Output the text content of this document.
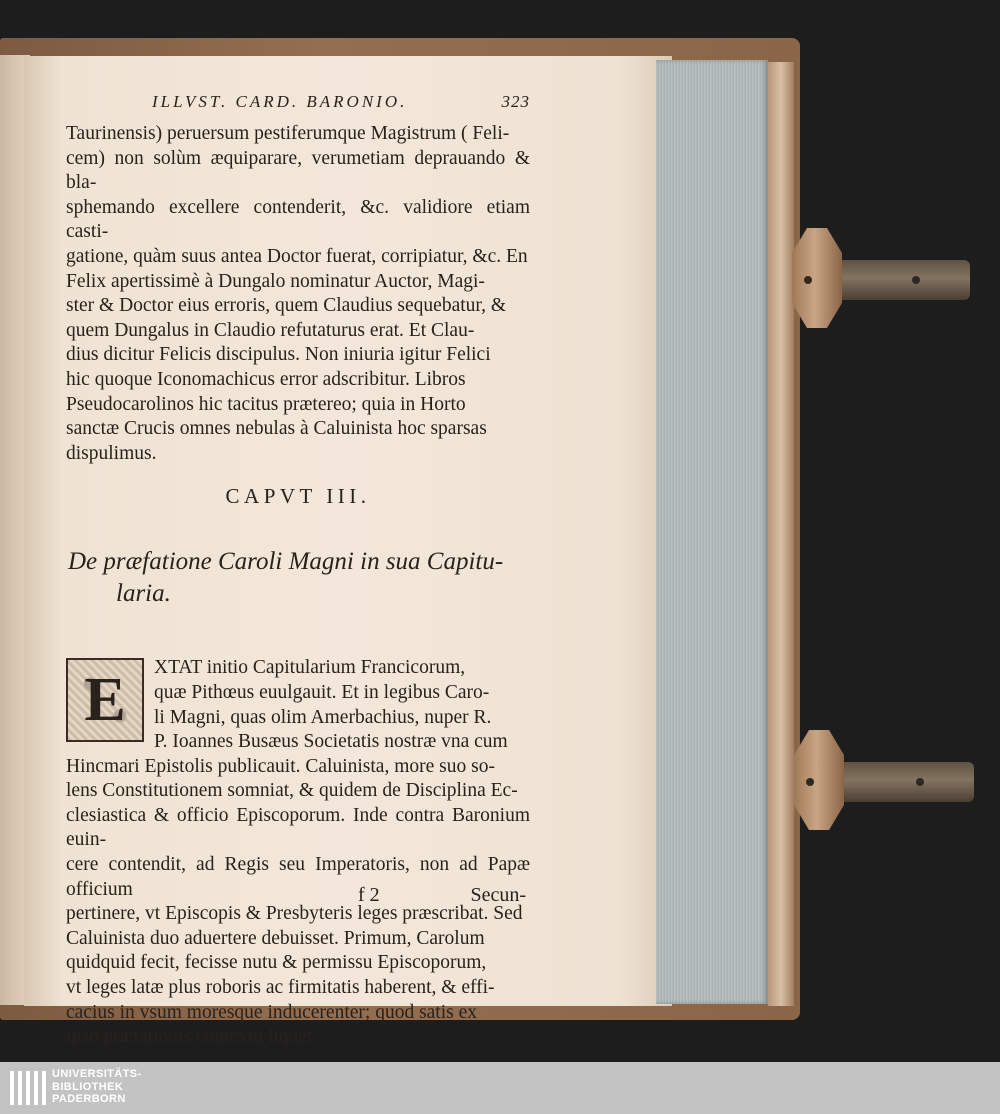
ILLVST. CARD. BARONIO.	323

Taurinensis) peruersum pestiferumque Magistrum ( Feli-
cem) non solùm æquiparare, verumetiam deprauando & bla-
sphemando excellere contenderit, &c. validiore etiam casti-
gatione, quàm suus antea Doctor fuerat, corripiatur, &c. En
Felix apertissimè à Dungalo nominatur Auctor, Magi-
ster & Doctor eius erroris, quem Claudius sequebatur, &
quem Dungalus in Claudio refutaturus erat. Et Clau-
dius dicitur Felicis discipulus. Non iniuria igitur Felici
hic quoque Iconomachicus error adscribitur. Libros
Pseudocarolinos hic tacitus prætereo; quia in Horto
sanctæ Crucis omnes nebulas à Caluinista hoc sparsas
dispulimus.

CAPVT III.

De præfatione Caroli Magni in sua Capitu-

laria.

E	XTAT initio Capitularium Francicorum,
quæ Pithœus euulgauit. Et in legibus Caro-
li Magni, quas olim Amerbachius, nuper R.
P. Ioannes Busæus Societatis nostræ vna cum
Hincmari Epistolis publicauit. Caluinista, more suo so-
lens Constitutionem somniat, & quidem de Disciplina Ec-
clesiastica & officio Episcoporum. Inde contra Baronium euin-
cere contendit, ad Regis seu Imperatoris, non ad Papæ officium
pertinere, vt Episcopis & Presbyteris leges præscribat. Sed
Caluinista duo aduertere debuisset. Primum, Carolum
quidquid fecit, fecisse nutu & permissu Episcoporum,
vt leges latæ plus roboris ac firmitatis haberent, & effi-
cacius in vsum moresque inducerenter; quod satis ex
ipso præfationis contextu liquet.

f 2	Secun-
UNIVERSITÄTS-
BIBLIOTHEK
PADERBORN
